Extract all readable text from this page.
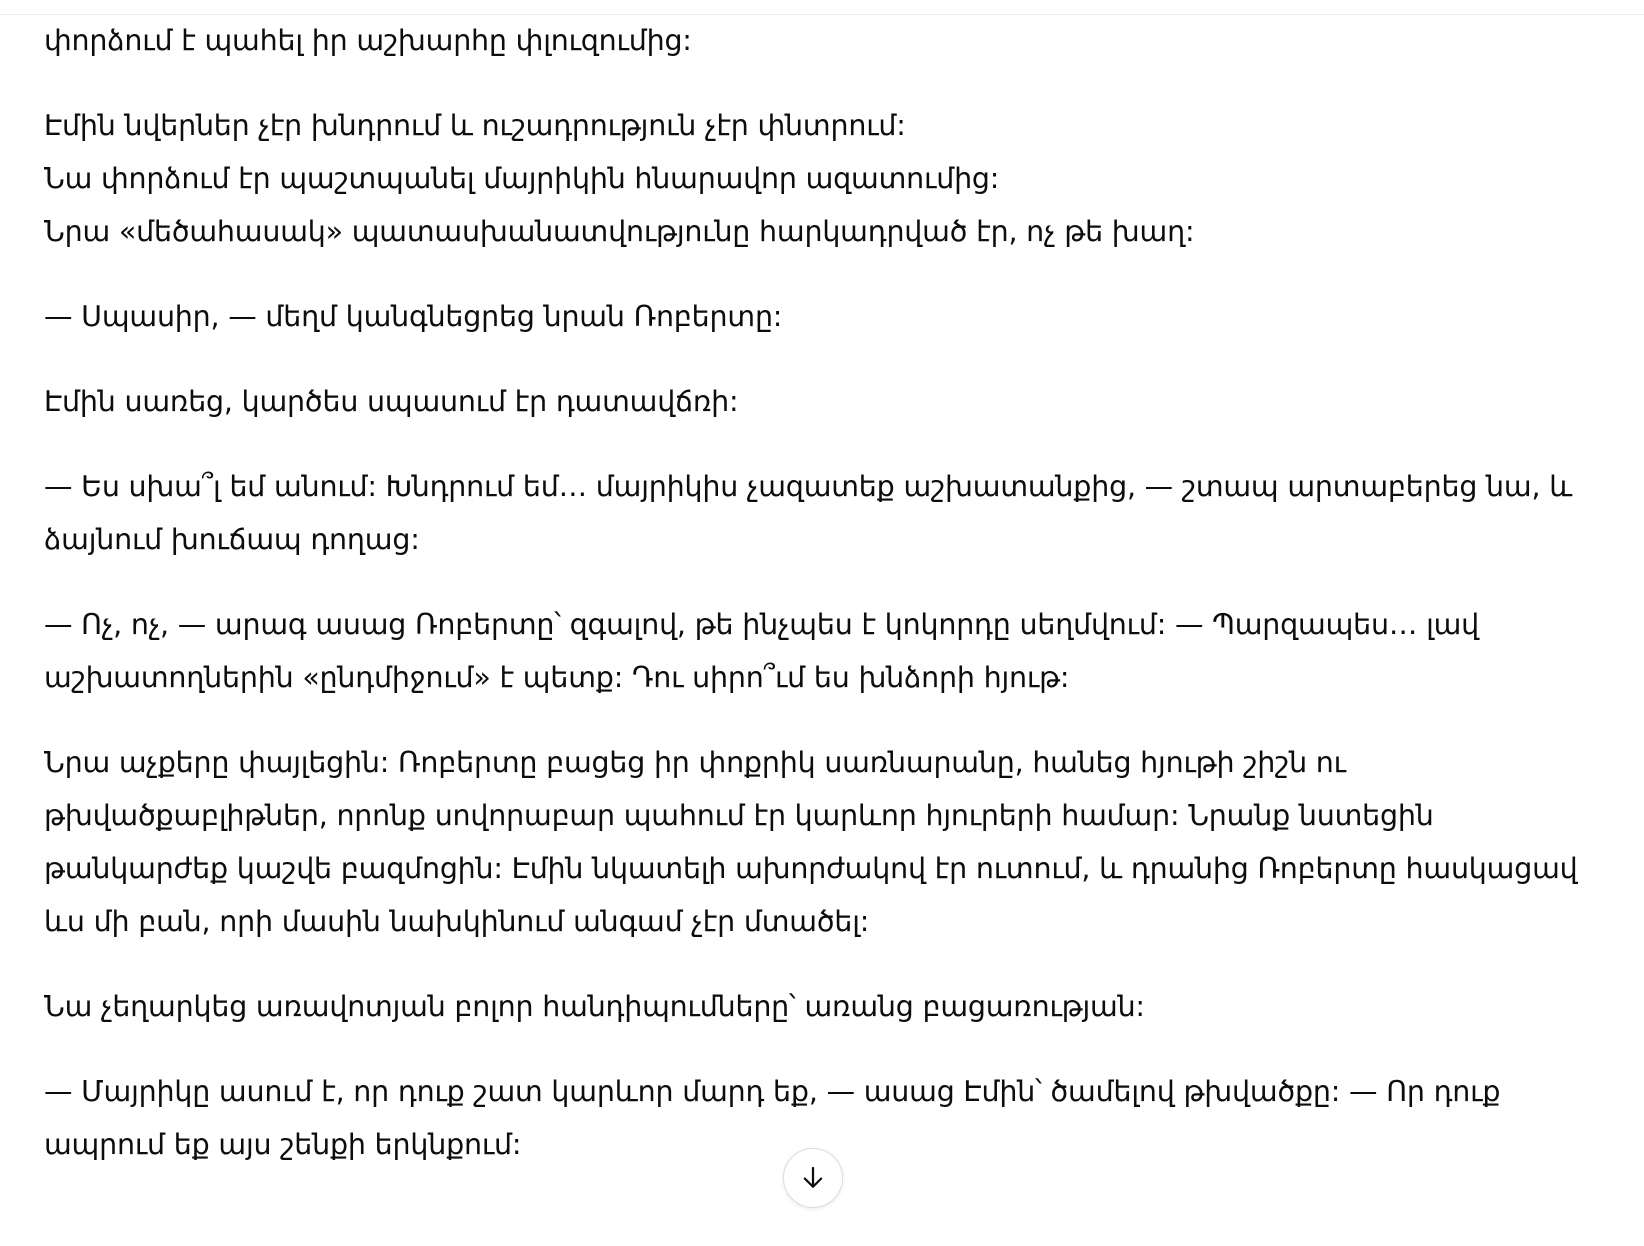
փորձում է պահել իր աշխարհը փլուզումից:

Էմին նվերներ չէր խնդրում և ուշադրություն չէր փնտրում:
Նա փորձում էր պաշտպանել մայրիկին հնարավոր ազատումից:
Նրա «մեծահասակ» պատասխանատվությունը հարկադրված էր, ոչ թե խաղ:

— Սպասիր, — մեղմ կանգնեցրեց նրան Ռոբերտը:

Էմին սառեց, կարծես սպասում էր դատավճռի:

— Ես սխա՞լ եմ անում: Խնդրում եմ… մայրիկիս չազատեք աշխատանքից, — շտապ արտաբերեց նա, և ձայնում խուճապ դողաց:

— Ոչ, ոչ, — արագ ասաց Ռոբերտը՝ զգալով, թե ինչպես է կոկորդը սեղմվում: — Պարզապես… լավ աշխատողներին «ընդմիջում» է պետք: Դու սիրո՞ւմ ես խնձորի հյութ:

Նրա աչքերը փայլեցին: Ռոբերտը բացեց իր փոքրիկ սառնարանը, հանեց հյութի շիշն ու թխվածքաբլիթներ, որոնք սովորաբար պահում էր կարևոր հյուրերի համար: Նրանք նստեցին թանկարժեք կաշվե բազմոցին: Էմին նկատելի ախորժակով էր ուտում, և դրանից Ռոբերտը հասկացավ ևս մի բան, որի մասին նախկինում անգամ չէր մտածել:

Նա չեղարկեց առավոտյան բոլոր հանդիպումները՝ առանց բացառության:

— Մայրիկը ասում է, որ դուք շատ կարևոր մարդ եք, — ասաց Էմին՝ ծամելով թխվածքը: — Որ դուք ապրում եք այս շենքի երկնքում:
